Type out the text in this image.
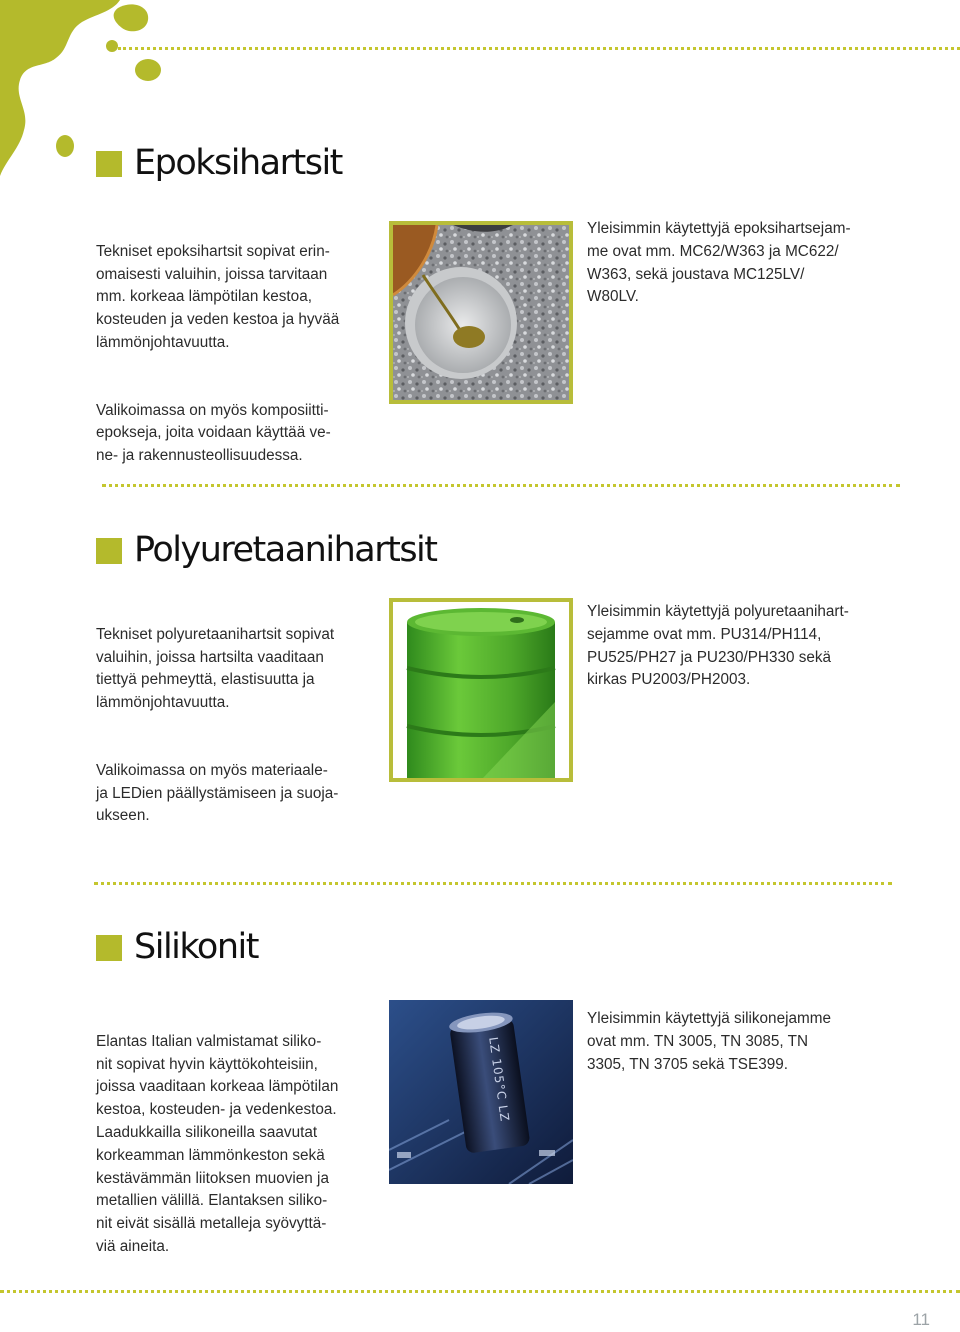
Epoksihartsit

Tekniset epoksihartsit sopivat erin-
omaisesti valuihin, joissa tarvitaan
mm. korkeaa lämpötilan kestoa,
kosteuden ja veden kestoa ja hyvää
lämmönjohtavuutta.

Valikoimassa on myös komposiitti-
epokseja, joita voidaan käyttää ve-
ne- ja rakennusteollisuudessa.

Yleisimmin käytettyjä epoksihartsejam-
me ovat mm. MC62/W363 ja MC622/
W363, sekä joustava MC125LV/
W80LV.
Polyuretaanihartsit

Tekniset polyuretaanihartsit sopivat
valuihin, joissa hartsilta vaaditaan
tiettyä pehmeyttä, elastisuutta ja
lämmönjohtavuutta.

Valikoimassa on myös materiaale-
ja LEDien päällystämiseen ja suoja-
ukseen.

Yleisimmin käytettyjä polyuretaanihart-
sejamme ovat mm. PU314/PH114,
PU525/PH27 ja PU230/PH330 sekä
kirkas PU2003/PH2003.
Silikonit

Elantas Italian valmistamat siliko-
nit sopivat hyvin käyttökohteisiin,
joissa vaaditaan korkeaa lämpötilan
kestoa, kosteuden- ja vedenkestoa.
Laadukkailla silikoneilla saavutat
korkeamman lämmönkeston sekä
kestävämmän liitoksen muovien ja
metallien välillä. Elantaksen siliko-
nit eivät sisällä metalleja syövyttä-
viä aineita.

LZ 105°C LZ
Yleisimmin käytettyjä silikonejamme
ovat mm. TN 3005, TN 3085, TN
3305, TN 3705 sekä TSE399.
11
